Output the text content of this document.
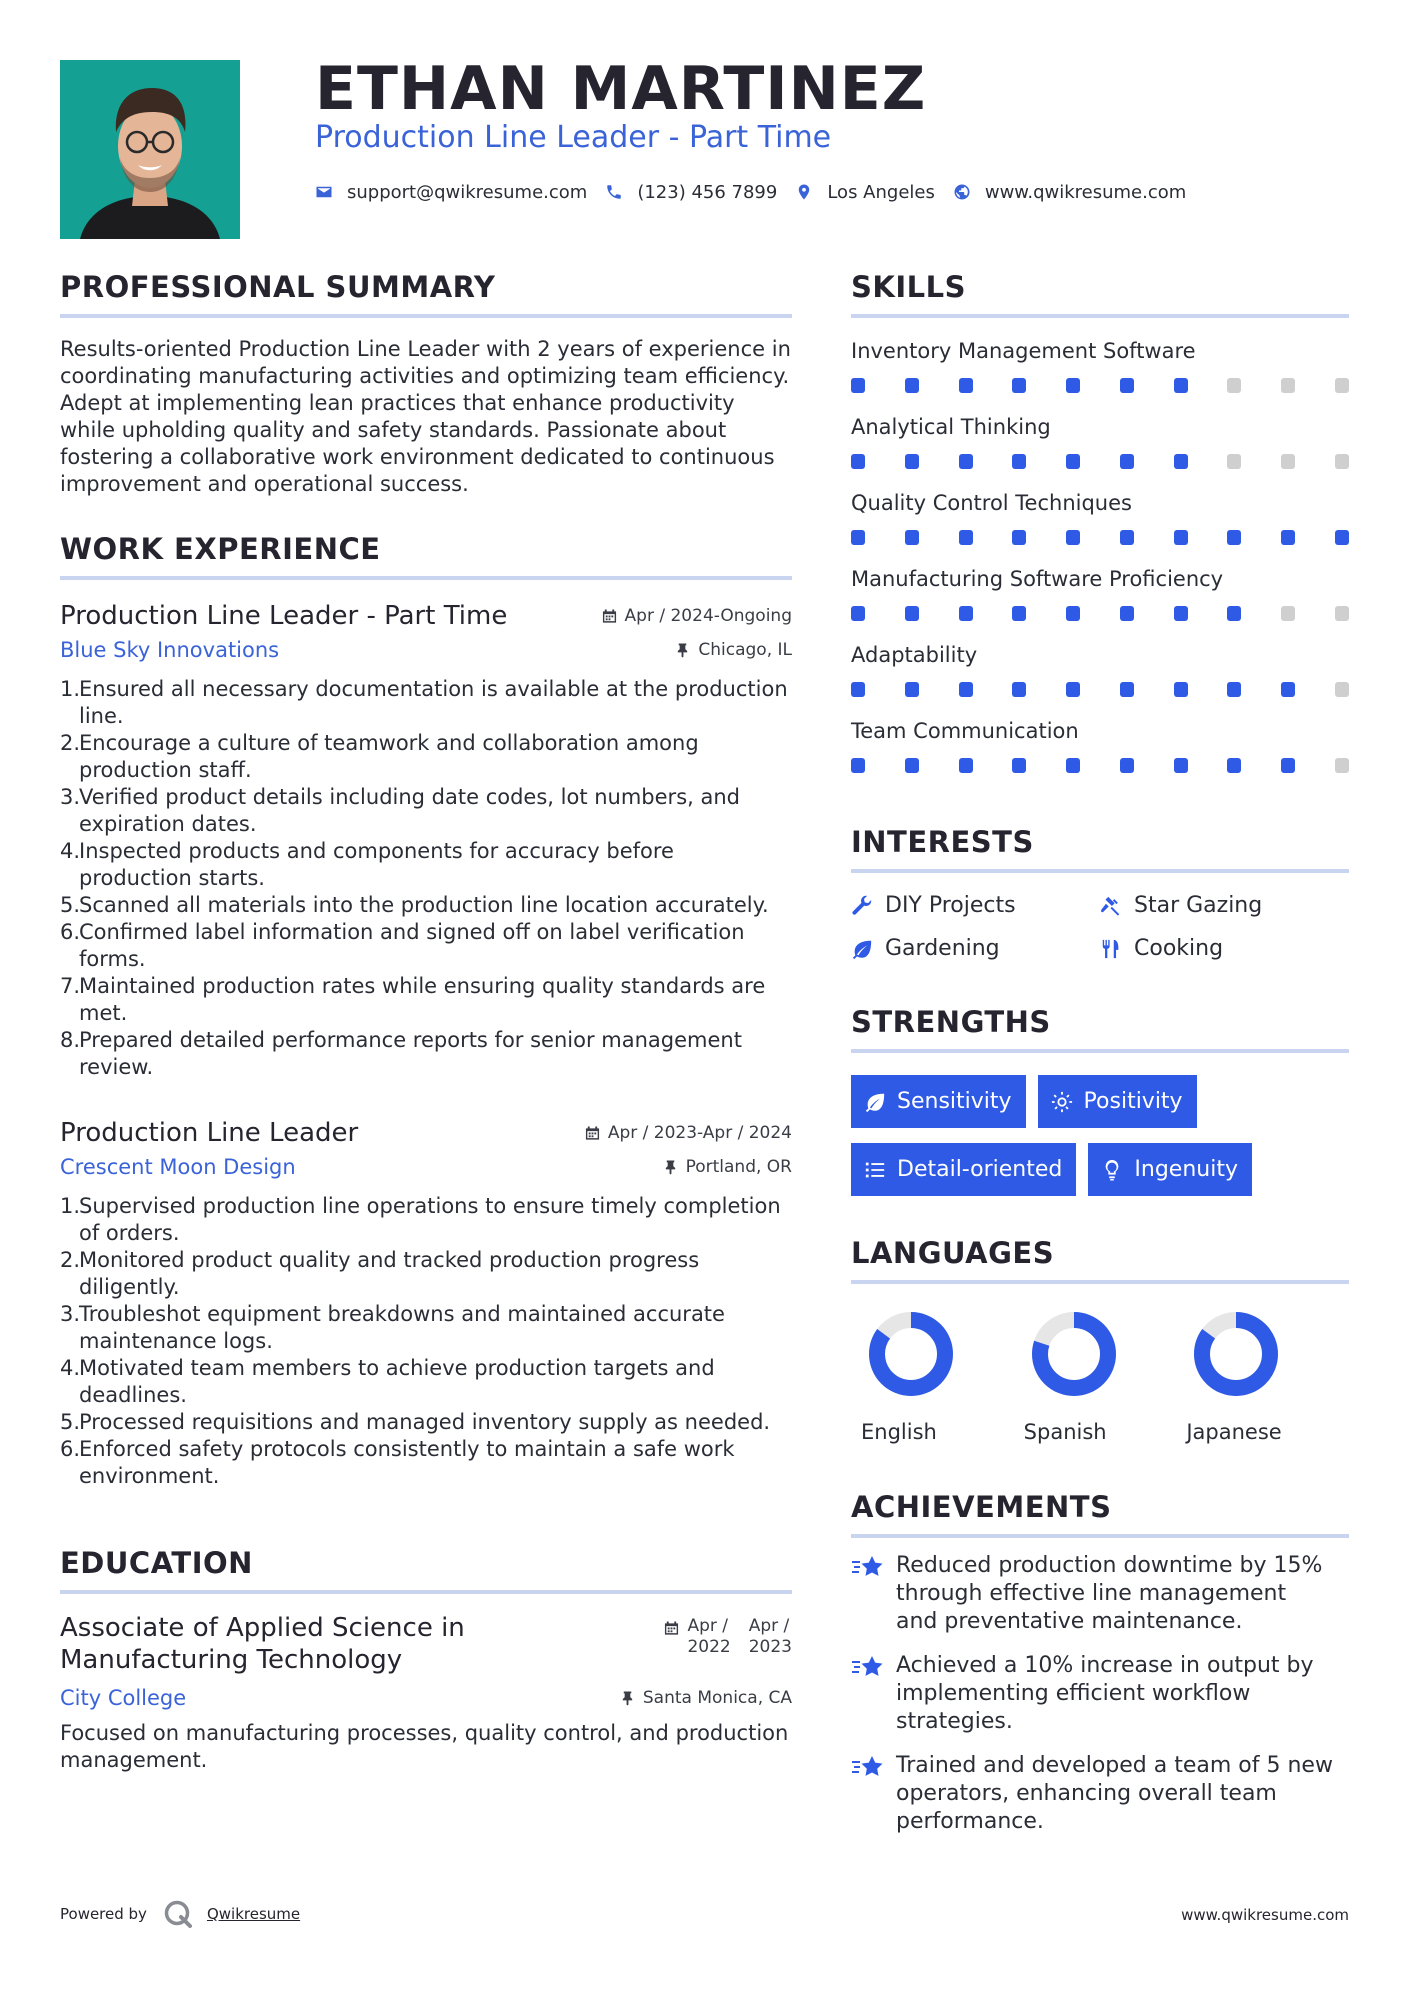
ETHAN MARTINEZ
Production Line Leader - Part Time
support@qwikresume.com	(123) 456 7899	Los Angeles	www.qwikresume.com
PROFESSIONAL SUMMARY

Results-oriented Production Line Leader with 2 years of experience in coordinating manufacturing activities and optimizing team efficiency. Adept at implementing lean practices that enhance productivity while upholding quality and safety standards. Passionate about fostering a collaborative work environment dedicated to continuous improvement and operational success.

WORK EXPERIENCE
Production Line Leader - Part Time	Apr / 2024-Ongoing
Blue Sky Innovations	Chicago, IL
1.
Ensured all necessary documentation is available at the production line.
2.
Encourage a culture of teamwork and collaboration among production staff.
3.
Verified product details including date codes, lot numbers, and expiration dates.
4.
Inspected products and components for accuracy before production starts.
5.
Scanned all materials into the production line location accurately.
6.
Confirmed label information and signed off on label verification forms.
7.
Maintained production rates while ensuring quality standards are met.
8.
Prepared detailed performance reports for senior management review.
Production Line Leader	Apr / 2023-Apr / 2024
Crescent Moon Design	Portland, OR
1.
Supervised production line operations to ensure timely completion of orders.
2.
Monitored product quality and tracked production progress diligently.
3.
Troubleshot equipment breakdowns and maintained accurate maintenance logs.
4.
Motivated team members to achieve production targets and deadlines.
5.
Processed requisitions and managed inventory supply as needed.
6.
Enforced safety protocols consistently to maintain a safe work environment.
EDUCATION
Associate of Applied Science in
Manufacturing Technology
Apr /
2022
Apr /
2023
City College	Santa Monica, CA

Focused on manufacturing processes, quality control, and production management.

SKILLS
Inventory Management Software
Analytical Thinking
Quality Control Techniques
Manufacturing Software Proficiency
Adaptability
Team Communication
INTERESTS
DIY Projects	Star Gazing
Gardening	Cooking
STRENGTHS
Sensitivity	Positivity
Detail-oriented	Ingenuity
LANGUAGES
English	Spanish	Japanese
ACHIEVEMENTS
Reduced production downtime by 15%
through effective line management
and preventative maintenance.
Achieved a 10% increase in output by
implementing efficient workflow
strategies.
Trained and developed a team of 5 new
operators, enhancing overall team
performance.
Powered by	Qwikresume	www.qwikresume.com
